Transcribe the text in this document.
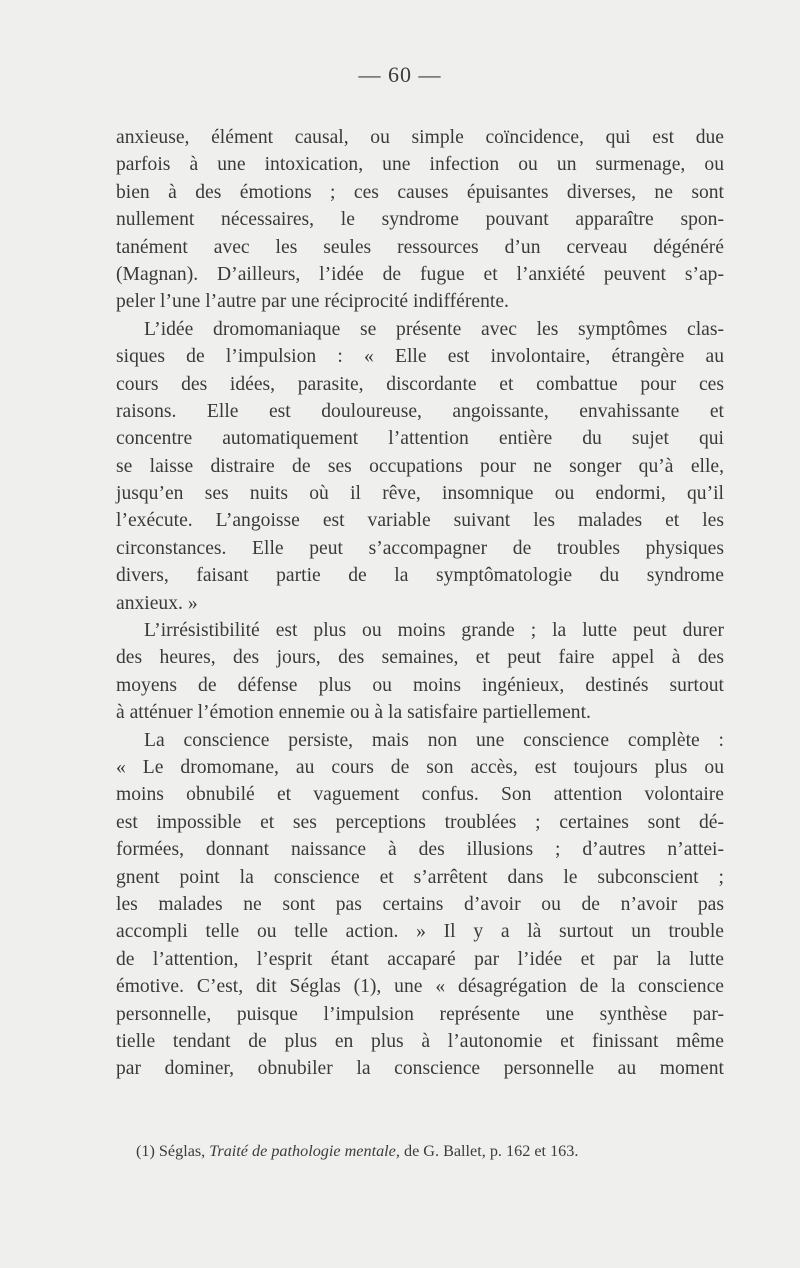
— 60 —
anxieuse, élément causal, ou simple coïncidence, qui est due
parfois à une intoxication, une infection ou un surmenage, ou
bien à des émotions ; ces causes épuisantes diverses, ne sont
nullement nécessaires, le syndrome pouvant apparaître spon-
tanément avec les seules ressources d’un cerveau dégénéré
(Magnan). D’ailleurs, l’idée de fugue et l’anxiété peuvent s’ap-
peler l’une l’autre par une réciprocité indifférente.
L’idée dromomaniaque se présente avec les symptômes clas-
siques de l’impulsion : « Elle est involontaire, étrangère au
cours des idées, parasite, discordante et combattue pour ces
raisons. Elle est douloureuse, angoissante, envahissante et
concentre automatiquement l’attention entière du sujet qui
se laisse distraire de ses occupations pour ne songer qu’à elle,
jusqu’en ses nuits où il rêve, insomnique ou endormi, qu’il
l’exécute. L’angoisse est variable suivant les malades et les
circonstances. Elle peut s’accompagner de troubles physiques
divers, faisant partie de la symptômatologie du syndrome
anxieux. »
L’irrésistibilité est plus ou moins grande ; la lutte peut durer
des heures, des jours, des semaines, et peut faire appel à des
moyens de défense plus ou moins ingénieux, destinés surtout
à atténuer l’émotion ennemie ou à la satisfaire partiellement.
La conscience persiste, mais non une conscience complète :
« Le dromomane, au cours de son accès, est toujours plus ou
moins obnubilé et vaguement confus. Son attention volontaire
est impossible et ses perceptions troublées ; certaines sont dé-
formées, donnant naissance à des illusions ; d’autres n’attei-
gnent point la conscience et s’arrêtent dans le subconscient ;
les malades ne sont pas certains d’avoir ou de n’avoir pas
accompli telle ou telle action. » Il y a là surtout un trouble
de l’attention, l’esprit étant accaparé par l’idée et par la lutte
émotive. C’est, dit Séglas (1), une « désagrégation de la conscience
personnelle, puisque l’impulsion représente une synthèse par-
tielle tendant de plus en plus à l’autonomie et finissant même
par dominer, obnubiler la conscience personnelle au moment
(1) Séglas, Traité de pathologie mentale, de G. Ballet, p. 162 et 163.
